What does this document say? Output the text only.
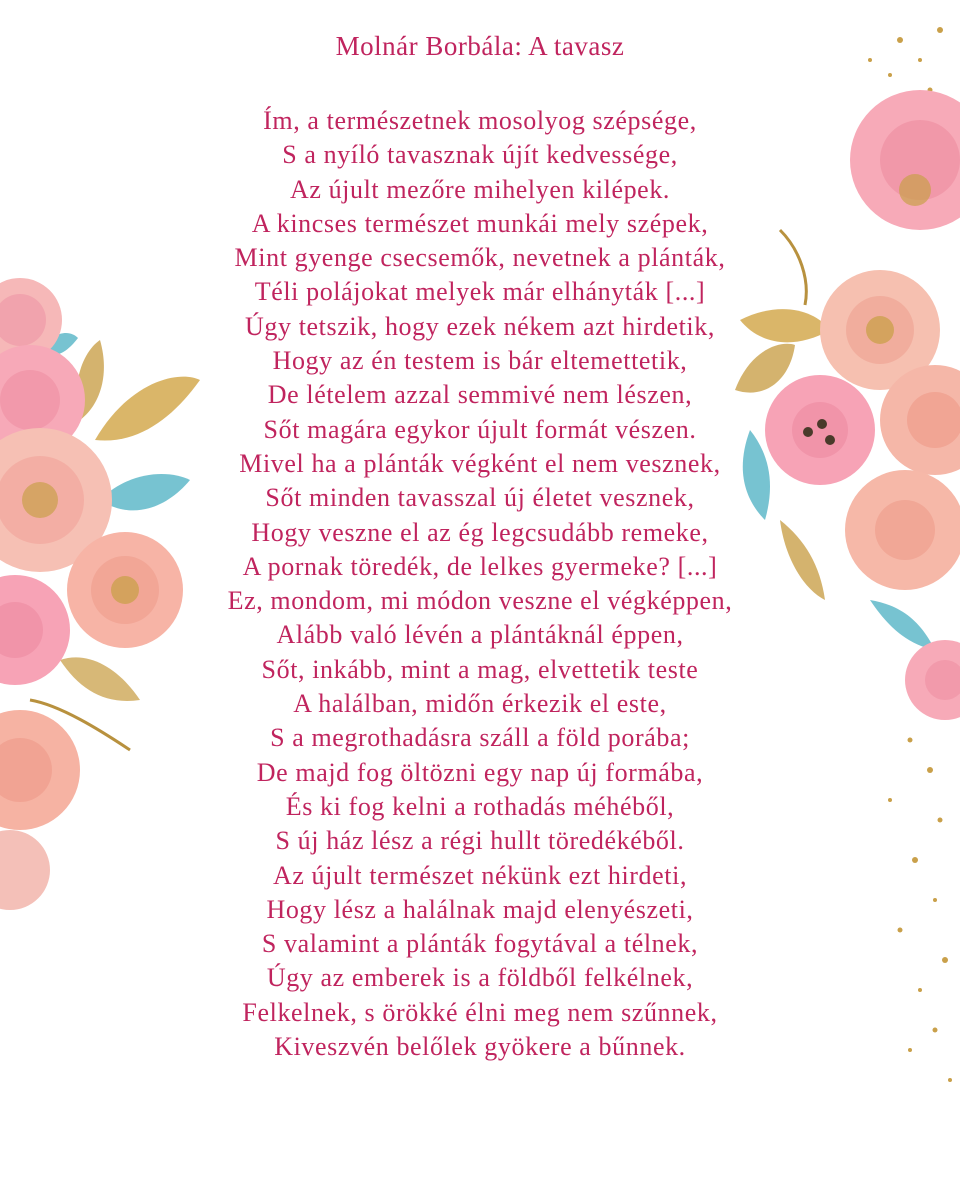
Molnár Borbála: A tavasz
Ím, a természetnek mosolyog szépsége,
S a nyíló tavasznak újít kedvessége,
Az újult mezőre mihelyen kilépek.
A kincses természet munkái mely szépek,
Mint gyenge csecsemők, nevetnek a plánták,
Téli polájokat melyek már elhányták [...]
Úgy tetszik, hogy ezek nékem azt hirdetik,
Hogy az én testem is bár eltemettetik,
De lételem azzal semmivé nem lészen,
Sőt magára egykor újult formát vészen.
Mivel ha a plánták végként el nem vesznek,
Sőt minden tavasszal új életet vesznek,
Hogy veszne el az ég legcsudább remeke,
A pornak töredék, de lelkes gyermeke? [...]
Ez, mondom, mi módon veszne el végképpen,
Alább való lévén a plántáknál éppen,
Sőt, inkább, mint a mag, elvettetik teste
A halálban, midőn érkezik el este,
S a megrothadásra száll a föld porába;
De majd fog öltözni egy nap új formába,
És ki fog kelni a rothadás méhéből,
S új ház lész a régi hullt töredékéből.
Az újult természet nékünk ezt hirdeti,
Hogy lész a halálnak majd elenyészeti,
S valamint a plánták fogytával a télnek,
Úgy az emberek is a földből felkélnek,
Felkelnek, s örökké élni meg nem szűnnek,
Kiveszvén belőlek gyökere a bűnnek.
